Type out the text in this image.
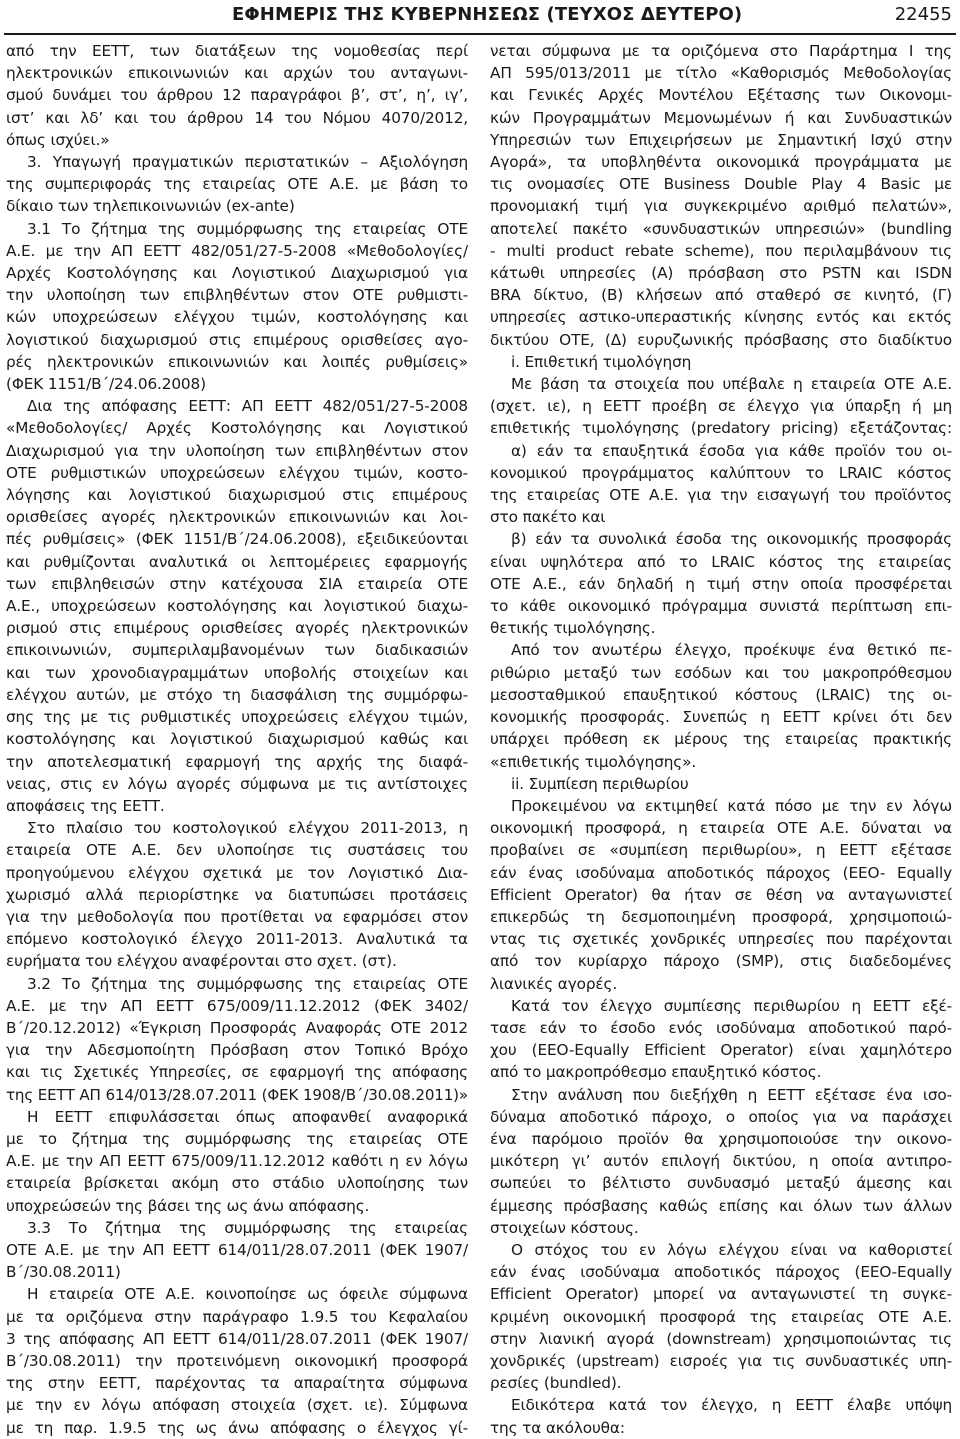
ΕΦΗΜΕΡΙΣ ΤΗΣ ΚΥΒΕΡΝΗΣΕΩΣ (ΤΕΥΧΟΣ ΔΕΥΤΕΡΟ)	22455

από την ΕΕΤΤ, των διατάξεων της νομοθεσίας περί

ηλεκτρονικών επικοινωνιών και αρχών του ανταγωνι-

σμού δυνάμει του άρθρου 12 παραγράφοι β’, στ’, η’, ιγ’,

ιστ’ και λδ’ και του άρθρου 14 του Νόμου 4070/2012,

όπως ισχύει.»

3. Υπαγωγή πραγματικών περιστατικών – Αξιολόγηση

της συμπεριφοράς της εταιρείας ΟΤΕ Α.Ε. με βάση το

δίκαιο των τηλεπικοινωνιών (ex-ante)

3.1 Το ζήτημα της συμμόρφωσης της εταιρείας ΟΤΕ

Α.Ε. με την ΑΠ ΕΕΤΤ 482/051/27-5-2008 «Μεθοδολογίες/

Αρχές Κοστολόγησης και Λογιστικού Διαχωρισμού για

την υλοποίηση των επιβληθέντων στον ΟΤΕ ρυθμιστι-

κών υποχρεώσεων ελέγχου τιμών, κοστολόγησης και

λογιστικού διαχωρισμού στις επιμέρους ορισθείσες αγο-

ρές ηλεκτρονικών επικοινωνιών και λοιπές ρυθμίσεις»

(ΦΕΚ 1151/Β΄/24.06.2008)

Δια της απόφασης ΕΕΤΤ: ΑΠ ΕΕΤΤ 482/051/27-5-2008

«Μεθοδολογίες/ Αρχές Κοστολόγησης και Λογιστικού

Διαχωρισμού για την υλοποίηση των επιβληθέντων στον

ΟΤΕ ρυθμιστικών υποχρεώσεων ελέγχου τιμών, κοστο-

λόγησης και λογιστικού διαχωρισμού στις επιμέρους

ορισθείσες αγορές ηλεκτρονικών επικοινωνιών και λοι-

πές ρυθμίσεις» (ΦΕΚ 1151/Β΄/24.06.2008), εξειδικεύονται

και ρυθμίζονται αναλυτικά οι λεπτομέρειες εφαρμογής

των επιβληθεισών στην κατέχουσα ΣΙΑ εταιρεία ΟΤΕ

Α.Ε., υποχρεώσεων κοστολόγησης και λογιστικού διαχω-

ρισμού στις επιμέρους ορισθείσες αγορές ηλεκτρονικών

επικοινωνιών, συμπεριλαμβανομένων των διαδικασιών

και των χρονοδιαγραμμάτων υποβολής στοιχείων και

ελέγχου αυτών, με στόχο τη διασφάλιση της συμμόρφω-

σης της με τις ρυθμιστικές υποχρεώσεις ελέγχου τιμών,

κοστολόγησης και λογιστικού διαχωρισμού καθώς και

την αποτελεσματική εφαρμογή της αρχής της διαφά-

νειας, στις εν λόγω αγορές σύμφωνα με τις αντίστοιχες

αποφάσεις της ΕΕΤΤ.

Στο πλαίσιο του κοστολογικού ελέγχου 2011-2013, η

εταιρεία ΟΤΕ Α.Ε. δεν υλοποίησε τις συστάσεις του

προηγούμενου ελέγχου σχετικά με τον Λογιστικό Δια-

χωρισμό αλλά περιορίστηκε να διατυπώσει προτάσεις

για την μεθοδολογία που προτίθεται να εφαρμόσει στον

επόμενο κοστολογικό έλεγχο 2011-2013. Αναλυτικά τα

ευρήματα του ελέγχου αναφέρονται στο σχετ. (στ).

3.2 Το ζήτημα της συμμόρφωσης της εταιρείας ΟΤΕ

Α.Ε. με την ΑΠ ΕΕΤΤ 675/009/11.12.2012 (ΦΕΚ 3402/

Β΄/20.12.2012) «Έγκριση Προσφοράς Αναφοράς ΟΤΕ 2012

για την Αδεσμοποίητη Πρόσβαση στον Τοπικό Βρόχο

και τις Σχετικές Υπηρεσίες, σε εφαρμογή της απόφασης

της ΕΕΤΤ ΑΠ 614/013/28.07.2011 (ΦΕΚ 1908/Β΄/30.08.2011)»

Η ΕΕΤΤ επιφυλάσσεται όπως αποφανθεί αναφορικά

με το ζήτημα της συμμόρφωσης της εταιρείας ΟΤΕ

Α.Ε. με την ΑΠ ΕΕΤΤ 675/009/11.12.2012 καθότι η εν λόγω

εταιρεία βρίσκεται ακόμη στο στάδιο υλοποίησης των

υποχρεώσεών της βάσει της ως άνω απόφασης.

3.3 Το ζήτημα της συμμόρφωσης της εταιρείας

ΟΤΕ Α.Ε. με την ΑΠ ΕΕΤΤ 614/011/28.07.2011 (ΦΕΚ 1907/

Β΄/30.08.2011)

Η εταιρεία ΟΤΕ Α.Ε. κοινοποίησε ως όφειλε σύμφωνα

με τα οριζόμενα στην παράγραφο 1.9.5 του Κεφαλαίου

3 της απόφασης ΑΠ ΕΕΤΤ 614/011/28.07.2011 (ΦΕΚ 1907/

Β΄/30.08.2011) την προτεινόμενη οικονομική προσφορά

της στην ΕΕΤΤ, παρέχοντας τα απαραίτητα σύμφωνα

με την εν λόγω απόφαση στοιχεία (σχετ. ιε). Σύμφωνα

με τη παρ. 1.9.5 της ως άνω απόφασης ο έλεγχος γί-

νεται σύμφωνα με τα οριζόμενα στο Παράρτημα Ι της

ΑΠ 595/013/2011 με τίτλο «Καθορισμός Μεθοδολογίας

και Γενικές Αρχές Μοντέλου Εξέτασης των Οικονομι-

κών Προγραμμάτων Μεμονωμένων ή και Συνδυαστικών

Υπηρεσιών των Επιχειρήσεων με Σημαντική Ισχύ στην

Αγορά», τα υποβληθέντα οικονομικά προγράμματα με

τις ονομασίες ΟΤΕ Business Double Play 4 Basic με

προνομιακή τιμή για συγκεκριμένο αριθμό πελατών»,

αποτελεί πακέτο «συνδυαστικών υπηρεσιών» (bundling

- multi product rebate scheme), που περιλαμβάνουν τις

κάτωθι υπηρεσίες (Α) πρόσβαση στο PSTN και ISDN

BRA δίκτυο, (Β) κλήσεων από σταθερό σε κινητό, (Γ)

υπηρεσίες αστικο-υπεραστικής κίνησης εντός και εκτός

δικτύου ΟΤΕ, (Δ) ευρυζωνικής πρόσβασης στο διαδίκτυο

i. Επιθετική τιμολόγηση

Με βάση τα στοιχεία που υπέβαλε η εταιρεία ΟΤΕ Α.Ε.

(σχετ. ιε), η ΕΕΤΤ προέβη σε έλεγχο για ύπαρξη ή μη

επιθετικής τιμολόγησης (predatory pricing) εξετάζοντας:

α) εάν τα επαυξητικά έσοδα για κάθε προϊόν του οι-

κονομικού προγράμματος καλύπτουν το LRAIC κόστος

της εταιρείας ΟΤΕ Α.Ε. για την εισαγωγή του προϊόντος

στο πακέτο και

β) εάν τα συνολικά έσοδα της οικονομικής προσφοράς

είναι υψηλότερα από το LRAIC κόστος της εταιρείας

ΟΤΕ Α.Ε., εάν δηλαδή η τιμή στην οποία προσφέρεται

το κάθε οικονομικό πρόγραμμα συνιστά περίπτωση επι-

θετικής τιμολόγησης.

Από τον ανωτέρω έλεγχο, προέκυψε ένα θετικό πε-

ριθώριο μεταξύ των εσόδων και του μακροπρόθεσμου

μεσοσταθμικού επαυξητικού κόστους (LRAIC) της οι-

κονομικής προσφοράς. Συνεπώς η ΕΕΤΤ κρίνει ότι δεν

υπάρχει πρόθεση εκ μέρους της εταιρείας πρακτικής

«επιθετικής τιμολόγησης».

ii. Συμπίεση περιθωρίου

Προκειμένου να εκτιμηθεί κατά πόσο με την εν λόγω

οικονομική προσφορά, η εταιρεία ΟΤΕ Α.Ε. δύναται να

προβαίνει σε «συμπίεση περιθωρίου», η ΕΕΤΤ εξέτασε

εάν ένας ισοδύναμα αποδοτικός πάροχος (EEO- Equally

Efficient Operator) θα ήταν σε θέση να ανταγωνιστεί

επικερδώς τη δεσμοποιημένη προσφορά, χρησιμοποιώ-

ντας τις σχετικές χονδρικές υπηρεσίες που παρέχονται

από τον κυρίαρχο πάροχο (SMP), στις διαδεδομένες

λιανικές αγορές.

Κατά τον έλεγχο συμπίεσης περιθωρίου η ΕΕΤΤ εξέ-

τασε εάν το έσοδο ενός ισοδύναμα αποδοτικού παρό-

χου (EEO-Equally Efficient Operator) είναι χαμηλότερο

από το μακροπρόθεσμο επαυξητικό κόστος.

Στην ανάλυση που διεξήχθη η ΕΕΤΤ εξέτασε ένα ισο-

δύναμα αποδοτικό πάροχο, ο οποίος για να παράσχει

ένα παρόμοιο προϊόν θα χρησιμοποιούσε την οικονο-

μικότερη γι’ αυτόν επιλογή δικτύου, η οποία αντιπρο-

σωπεύει το βέλτιστο συνδυασμό μεταξύ άμεσης και

έμμεσης πρόσβασης καθώς επίσης και όλων των άλλων

στοιχείων κόστους.

Ο στόχος του εν λόγω ελέγχου είναι να καθοριστεί

εάν ένας ισοδύναμα αποδοτικός πάροχος (EEO-Equally

Efficient Operator) μπορεί να ανταγωνιστεί τη συγκε-

κριμένη οικονομική προσφορά της εταιρείας ΟΤΕ Α.Ε.

στην λιανική αγορά (downstream) χρησιμοποιώντας τις

χονδρικές (upstream) εισροές για τις συνδυαστικές υπη-

ρεσίες (bundled).

Ειδικότερα κατά τον έλεγχο, η ΕΕΤΤ έλαβε υπόψη

της τα ακόλουθα:
